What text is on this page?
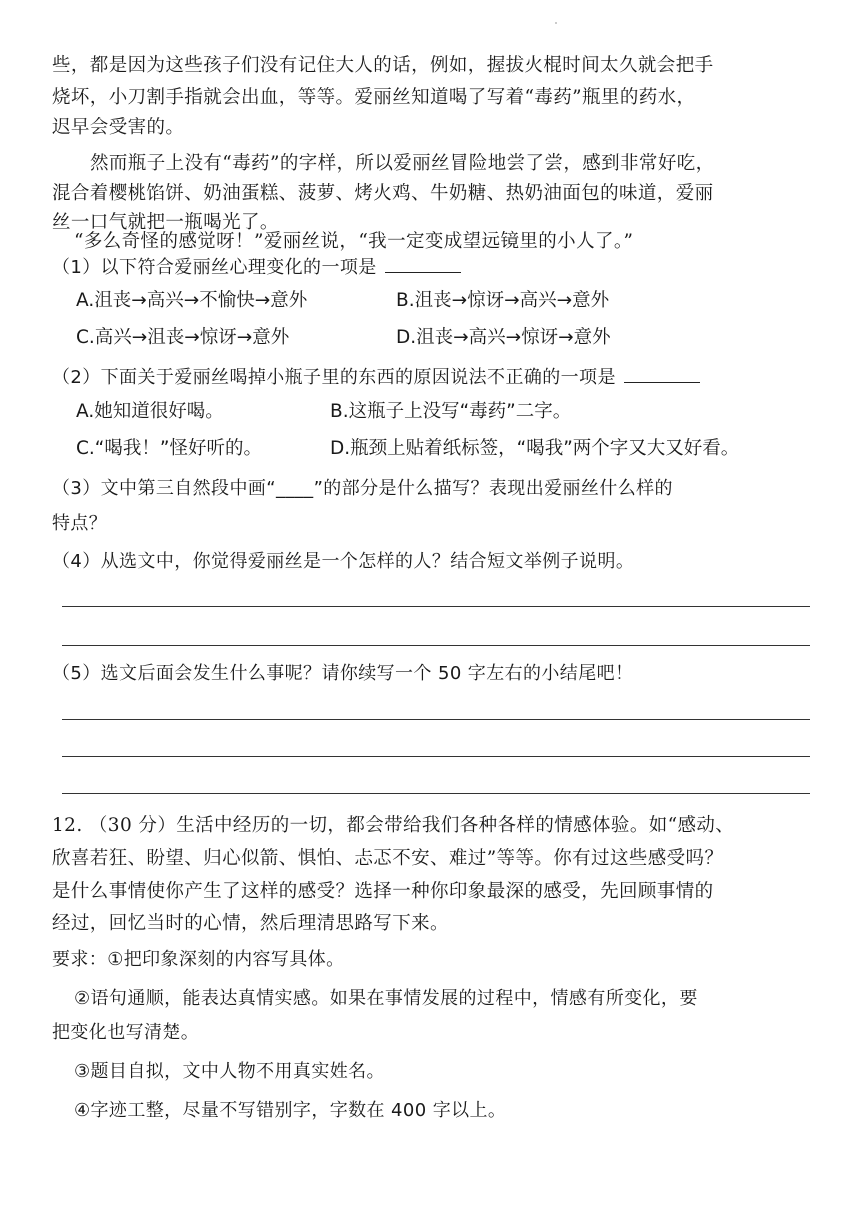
些，都是因为这些孩子们没有记住大人的话，例如，握拔火棍时间太久就会把手
烧坏，小刀割手指就会出血，等等。爱丽丝知道喝了写着“毒药”瓶里的药水，
迟早会受害的。
然而瓶子上没有“毒药”的字样，所以爱丽丝冒险地尝了尝，感到非常好吃，
混合着樱桃馅饼、奶油蛋糕、菠萝、烤火鸡、牛奶糖、热奶油面包的味道，爱丽
丝一口气就把一瓶喝光了。
“多么奇怪的感觉呀！”爱丽丝说，“我一定变成望远镜里的小人了。”
（1）以下符合爱丽丝心理变化的一项是
A.沮丧→高兴→不愉快→意外	B.沮丧→惊讶→高兴→意外
C.高兴→沮丧→惊讶→意外	D.沮丧→高兴→惊讶→意外
（2）下面关于爱丽丝喝掉小瓶子里的东西的原因说法不正确的一项是
A.她知道很好喝。	B.这瓶子上没写“毒药”二字。
C.“喝我！”怪好听的。	D.瓶颈上贴着纸标签，“喝我”两个字又大又好看。
（3）文中第三自然段中画“____”的部分是什么描写？表现出爱丽丝什么样的
特点？
（4）从选文中，你觉得爱丽丝是一个怎样的人？结合短文举例子说明。
（5）选文后面会发生什么事呢？请你续写一个 50 字左右的小结尾吧！
12. （30 分）生活中经历的一切，都会带给我们各种各样的情感体验。如“感动、
欣喜若狂、盼望、归心似箭、惧怕、忐忑不安、难过”等等。你有过这些感受吗？
是什么事情使你产生了这样的感受？选择一种你印象最深的感受，先回顾事情的
经过，回忆当时的心情，然后理清思路写下来。
要求：①把印象深刻的内容写具体。
②语句通顺，能表达真情实感。如果在事情发展的过程中，情感有所变化，要
把变化也写清楚。
③题目自拟，文中人物不用真实姓名。
④字迹工整，尽量不写错别字，字数在 400 字以上。
